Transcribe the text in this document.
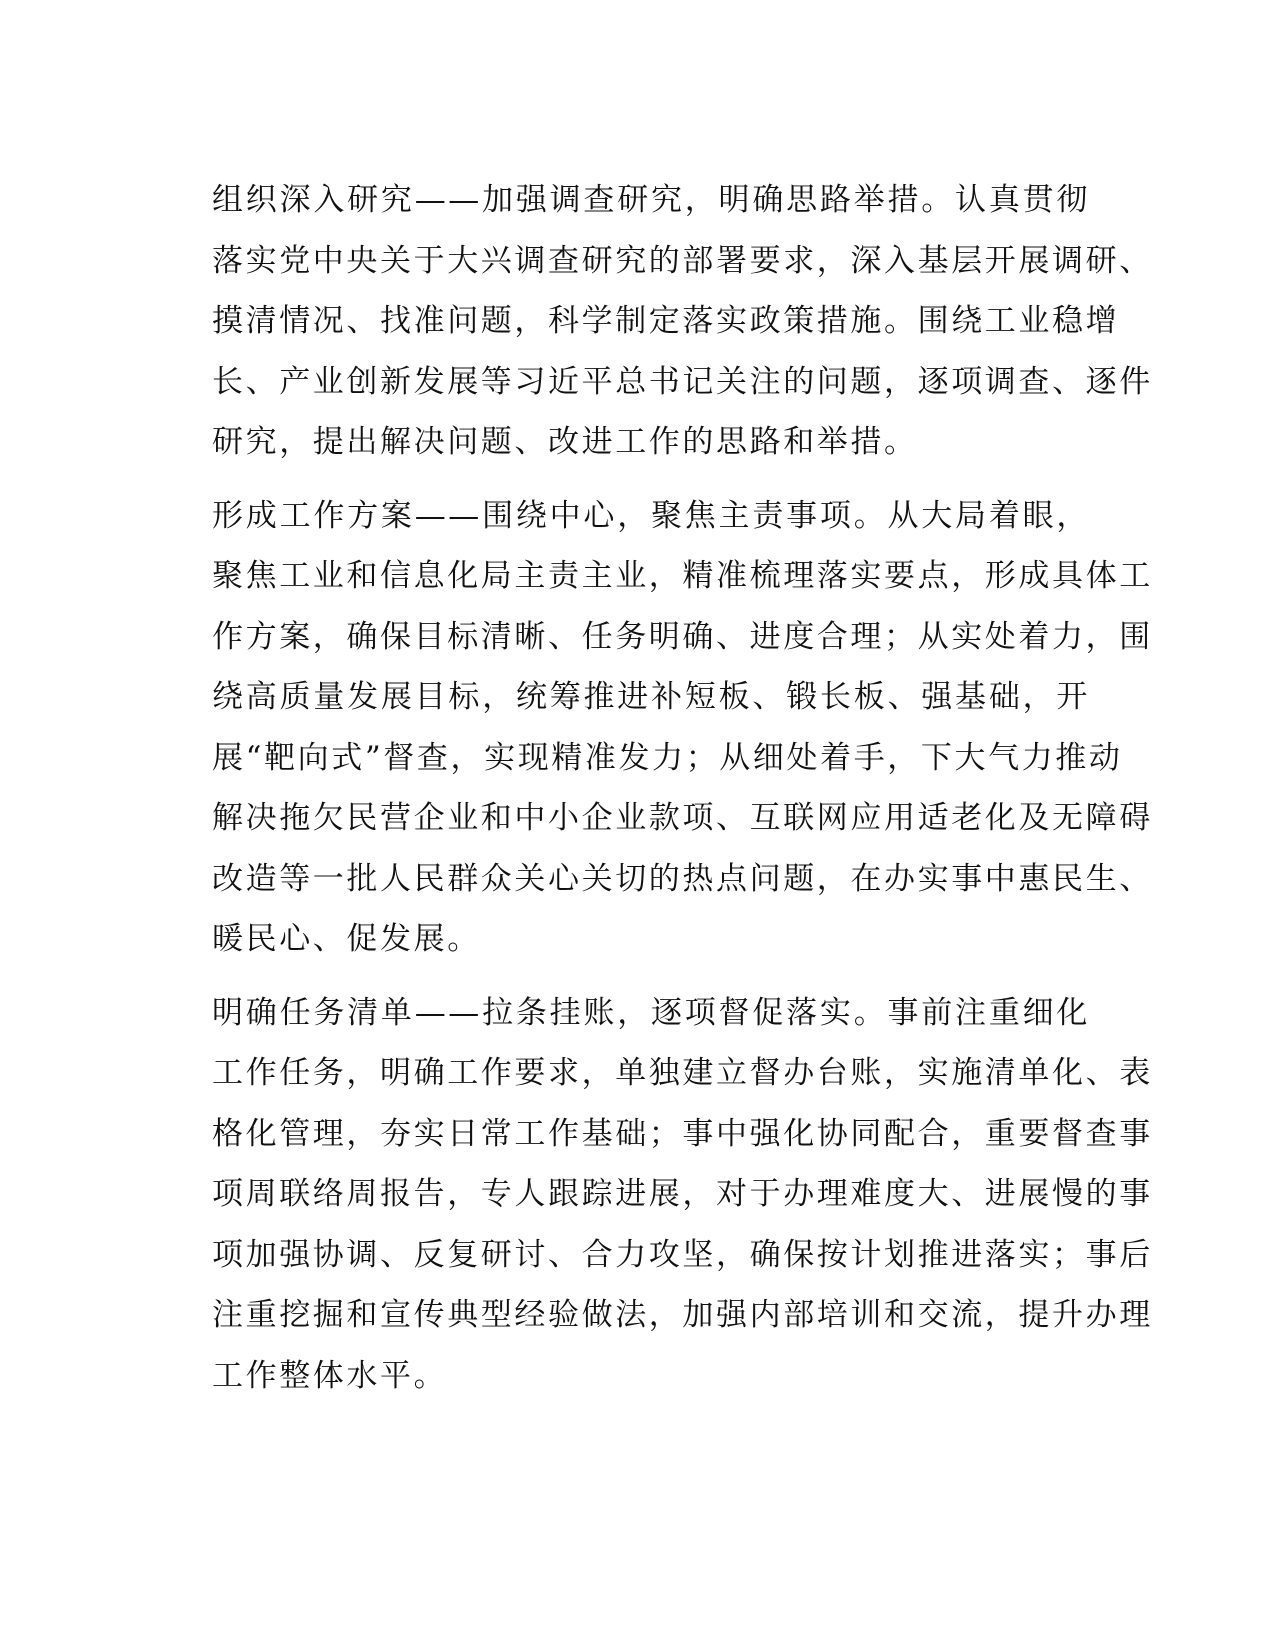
组织深入研究——加强调查研究，明确思路举措。认真贯彻
落实党中央关于大兴调查研究的部署要求，深入基层开展调研、
摸清情况、找准问题，科学制定落实政策措施。围绕工业稳增
长、产业创新发展等习近平总书记关注的问题，逐项调查、逐件
研究，提出解决问题、改进工作的思路和举措。

形成工作方案——围绕中心，聚焦主责事项。从大局着眼，
聚焦工业和信息化局主责主业，精准梳理落实要点，形成具体工
作方案，确保目标清晰、任务明确、进度合理；从实处着力，围
绕高质量发展目标，统筹推进补短板、锻长板、强基础，开
展“靶向式”督查，实现精准发力；从细处着手，下大气力推动
解决拖欠民营企业和中小企业款项、互联网应用适老化及无障碍
改造等一批人民群众关心关切的热点问题，在办实事中惠民生、
暖民心、促发展。

明确任务清单——拉条挂账，逐项督促落实。事前注重细化
工作任务，明确工作要求，单独建立督办台账，实施清单化、表
格化管理，夯实日常工作基础；事中强化协同配合，重要督查事
项周联络周报告，专人跟踪进展，对于办理难度大、进展慢的事
项加强协调、反复研讨、合力攻坚，确保按计划推进落实；事后
注重挖掘和宣传典型经验做法，加强内部培训和交流，提升办理
工作整体水平。
